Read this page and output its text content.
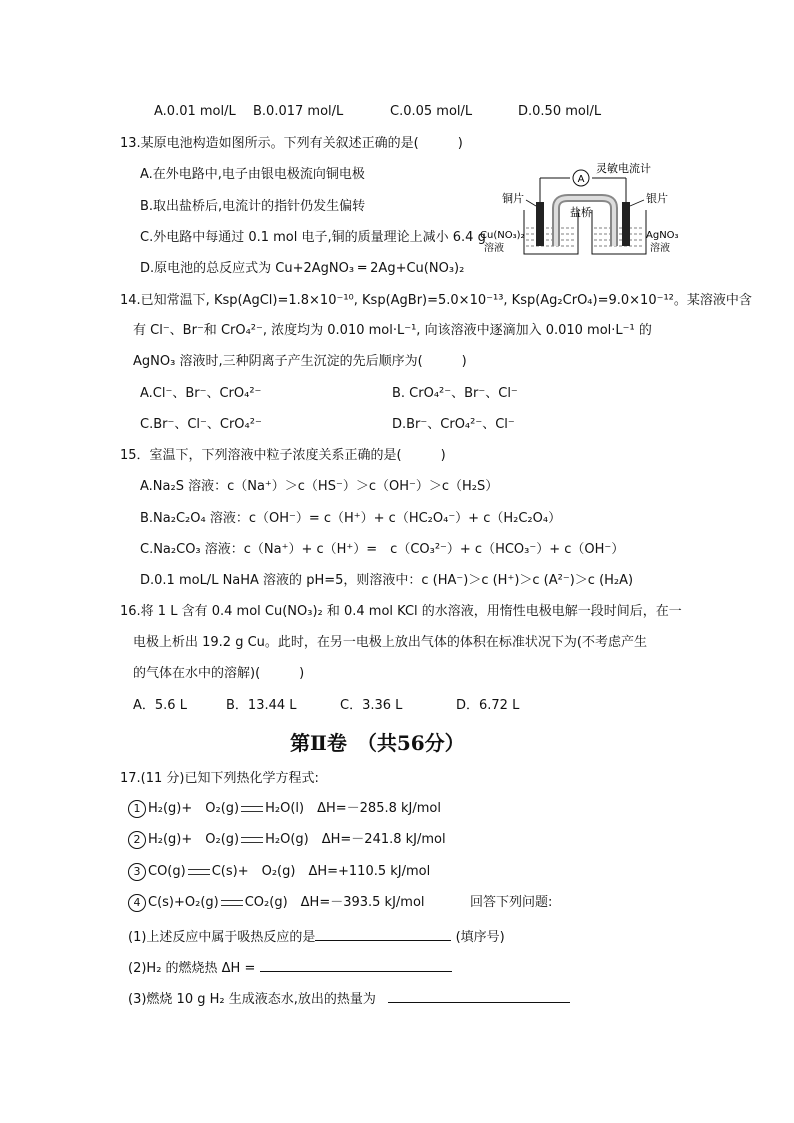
A.0.01 mol/L B.0.017 mol/L	C.0.05 mol/L	D.0.50 mol/L
13.某原电池构造如图所示。下列有关叙述正确的是(　　　)
A.在外电路中,电子由银电极流向铜电极
B.取出盐桥后,电流计的指针仍发生偏转
C.外电路中每通过 0.1 mol 电子,铜的质量理论上减小 6.4 g
D.原电池的总反应式为 Cu+2AgNO₃ ═ 2Ag+Cu(NO₃)₂
A
灵敏电流计
铜片	银片
盐桥
Cu(NO₃)₂
溶液
AgNO₃
溶液
14.已知常温下, Ksp(AgCl)=1.8×10⁻¹⁰, Ksp(AgBr)=5.0×10⁻¹³, Ksp(Ag₂CrO₄)=9.0×10⁻¹²。某溶液中含
有 Cl⁻、Br⁻和 CrO₄²⁻, 浓度均为 0.010 mol·L⁻¹, 向该溶液中逐滴加入 0.010 mol·L⁻¹ 的
AgNO₃ 溶液时,三种阴离子产生沉淀的先后顺序为(　　　)
A.Cl⁻、Br⁻、CrO₄²⁻	B. CrO₄²⁻、Br⁻、Cl⁻
C.Br⁻、Cl⁻、CrO₄²⁻	D.Br⁻、CrO₄²⁻、Cl⁻
15．室温下，下列溶液中粒子浓度关系正确的是(　　　)
A.Na₂S 溶液：c（Na⁺）＞c（HS⁻）＞c（OH⁻）＞c（H₂S）
B.Na₂C₂O₄ 溶液：c（OH⁻）= c（H⁺）+ c（HC₂O₄⁻）+ c（H₂C₂O₄）
C.Na₂CO₃ 溶液：c（Na⁺）+ c（H⁺）=　c（CO₃²⁻）+ c（HCO₃⁻）+ c（OH⁻）
D.0.1 moL/L NaHA 溶液的 pH=5，则溶液中：c (HA⁻)＞c (H⁺)＞c (A²⁻)＞c (H₂A)
16.将 1 L 含有 0.4 mol Cu(NO₃)₂ 和 0.4 mol KCl 的水溶液，用惰性电极电解一段时间后，在一
电极上析出 19.2 g Cu。此时，在另一电极上放出气体的体积在标准状况下为(不考虑产生
的气体在水中的溶解)(　　　)
A．5.6 L	B．13.44 L	C．3.36 L	D．6.72 L
第Ⅱ卷　（共56分）
17.(11 分)已知下列热化学方程式:
1 H₂(g)+　O₂(g) H₂O(l)　ΔH=－285.8 kJ/mol
2 H₂(g)+　O₂(g) H₂O(g)　ΔH=－241.8 kJ/mol
3 CO(g) C(s)+　O₂(g)　ΔH=+110.5 kJ/mol
4 C(s)+O₂(g) CO₂(g)　ΔH=－393.5 kJ/mol	回答下列问题:
(1)上述反应中属于吸热反应的是	(填序号)
(2)H₂ 的燃烧热 ΔH =
(3)燃烧 10 g H₂ 生成液态水,放出的热量为
